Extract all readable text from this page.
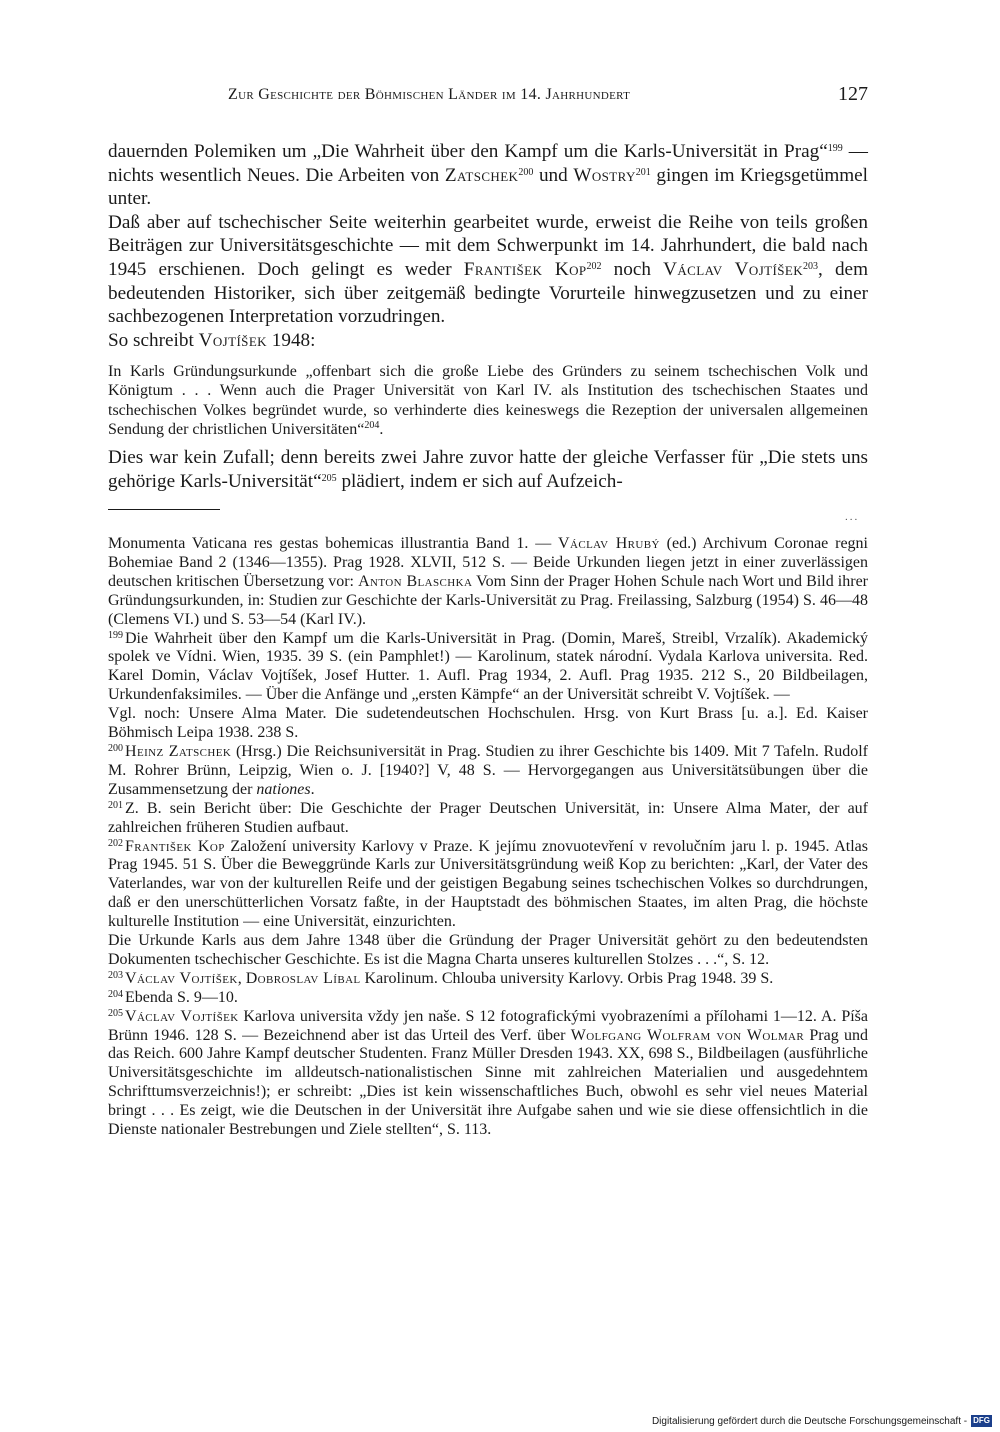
Zur Geschichte der Böhmischen Länder im 14. Jahrhundert	127

dauernden Polemiken um „Die Wahrheit über den Kampf um die Karls-Universität in Prag“$^{199}$ — nichts wesentlich Neues. Die Arbeiten von Zatschek$^{200}$ und Wostry$^{201}$ gingen im Kriegsgetümmel unter.

Daß aber auf tschechischer Seite weiterhin gearbeitet wurde, erweist die Reihe von teils großen Beiträgen zur Universitätsgeschichte — mit dem Schwerpunkt im 14. Jahrhundert, die bald nach 1945 erschienen. Doch gelingt es weder František Kop$^{202}$ noch Václav Vojtíšek$^{203}$, dem bedeutenden Historiker, sich über zeitgemäß bedingte Vorurteile hinwegzusetzen und zu einer sachbezogenen Interpretation vorzudringen.

So schreibt Vojtíšek 1948:

In Karls Gründungsurkunde „offenbart sich die große Liebe des Gründers zu seinem tschechischen Volk und Königtum . . . Wenn auch die Prager Universität von Karl IV. als Institution des tschechischen Staates und tschechischen Volkes begründet wurde, so verhinderte dies keineswegs die Rezeption der universalen allgemeinen Sendung der christlichen Universitäten“$^{204}$.
Dies war kein Zufall; denn bereits zwei Jahre zuvor hatte der gleiche Verfasser für „Die stets uns gehörige Karls-Universität“$^{205}$ plädiert, indem er sich auf Aufzeich-
...

Monumenta Vaticana res gestas bohemicas illustrantia Band 1. — Václav Hrubý (ed.) Archivum Coronae regni Bohemiae Band 2 (1346—1355). Prag 1928. XLVII, 512 S. — Beide Urkunden liegen jetzt in einer zuverlässigen deutschen kritischen Übersetzung vor: Anton Blaschka Vom Sinn der Prager Hohen Schule nach Wort und Bild ihrer Gründungsurkunden, in: Studien zur Geschichte der Karls-Universität zu Prag. Freilassing, Salzburg (1954) S. 46—48 (Clemens VI.) und S. 53—54 (Karl IV.).

$^{199}$ Die Wahrheit über den Kampf um die Karls-Universität in Prag. (Domin, Mareš, Streibl, Vrzalík). Akademický spolek ve Vídni. Wien, 1935. 39 S. (ein Pamphlet!) — Karolinum, statek národní. Vydala Karlova universita. Red. Karel Domin, Václav Vojtíšek, Josef Hutter. 1. Aufl. Prag 1934, 2. Aufl. Prag 1935. 212 S., 20 Bildbeilagen, Urkundenfaksimiles. — Über die Anfänge und „ersten Kämpfe“ an der Universität schreibt V. Vojtíšek. —

Vgl. noch: Unsere Alma Mater. Die sudetendeutschen Hochschulen. Hrsg. von Kurt Brass [u. a.]. Ed. Kaiser Böhmisch Leipa 1938. 238 S.

$^{200}$ Heinz Zatschek (Hrsg.) Die Reichsuniversität in Prag. Studien zu ihrer Geschichte bis 1409. Mit 7 Tafeln. Rudolf M. Rohrer Brünn, Leipzig, Wien o. J. [1940?] V, 48 S. — Hervorgegangen aus Universitätsübungen über die Zusammensetzung der nationes.

$^{201}$ Z. B. sein Bericht über: Die Geschichte der Prager Deutschen Universität, in: Unsere Alma Mater, der auf zahlreichen früheren Studien aufbaut.

$^{202}$ František Kop Založení university Karlovy v Praze. K jejímu znovuotevření v revolučním jaru l. p. 1945. Atlas Prag 1945. 51 S. Über die Beweggründe Karls zur Universitätsgründung weiß Kop zu berichten: „Karl, der Vater des Vaterlandes, war von der kulturellen Reife und der geistigen Begabung seines tschechischen Volkes so durchdrungen, daß er den unerschütterlichen Vorsatz faßte, in der Hauptstadt des böhmischen Staates, im alten Prag, die höchste kulturelle Institution — eine Universität, einzurichten.

Die Urkunde Karls aus dem Jahre 1348 über die Gründung der Prager Universität gehört zu den bedeutendsten Dokumenten tschechischer Geschichte. Es ist die Magna Charta unseres kulturellen Stolzes . . .“, S. 12.

$^{203}$ Václav Vojtíšek, Dobroslav Líbal Karolinum. Chlouba university Karlovy. Orbis Prag 1948. 39 S.

$^{204}$ Ebenda S. 9—10.

$^{205}$ Václav Vojtíšek Karlova universita vždy jen naše. S 12 fotografickými vyobrazeními a přílohami 1—12. A. Píša Brünn 1946. 128 S. — Bezeichnend aber ist das Urteil des Verf. über Wolfgang Wolfram von Wolmar Prag und das Reich. 600 Jahre Kampf deutscher Studenten. Franz Müller Dresden 1943. XX, 698 S., Bildbeilagen (ausführliche Universitätsgeschichte im alldeutsch-nationalistischen Sinne mit zahlreichen Materialien und ausgedehntem Schrifttumsverzeichnis!); er schreibt: „Dies ist kein wissenschaftliches Buch, obwohl es sehr viel neues Material bringt . . . Es zeigt, wie die Deutschen in der Universität ihre Aufgabe sahen und wie sie diese offensichtlich in die Dienste nationaler Bestrebungen und Ziele stellten“, S. 113.

Digitalisierung gefördert durch die Deutsche Forschungsgemeinschaft - DFG
